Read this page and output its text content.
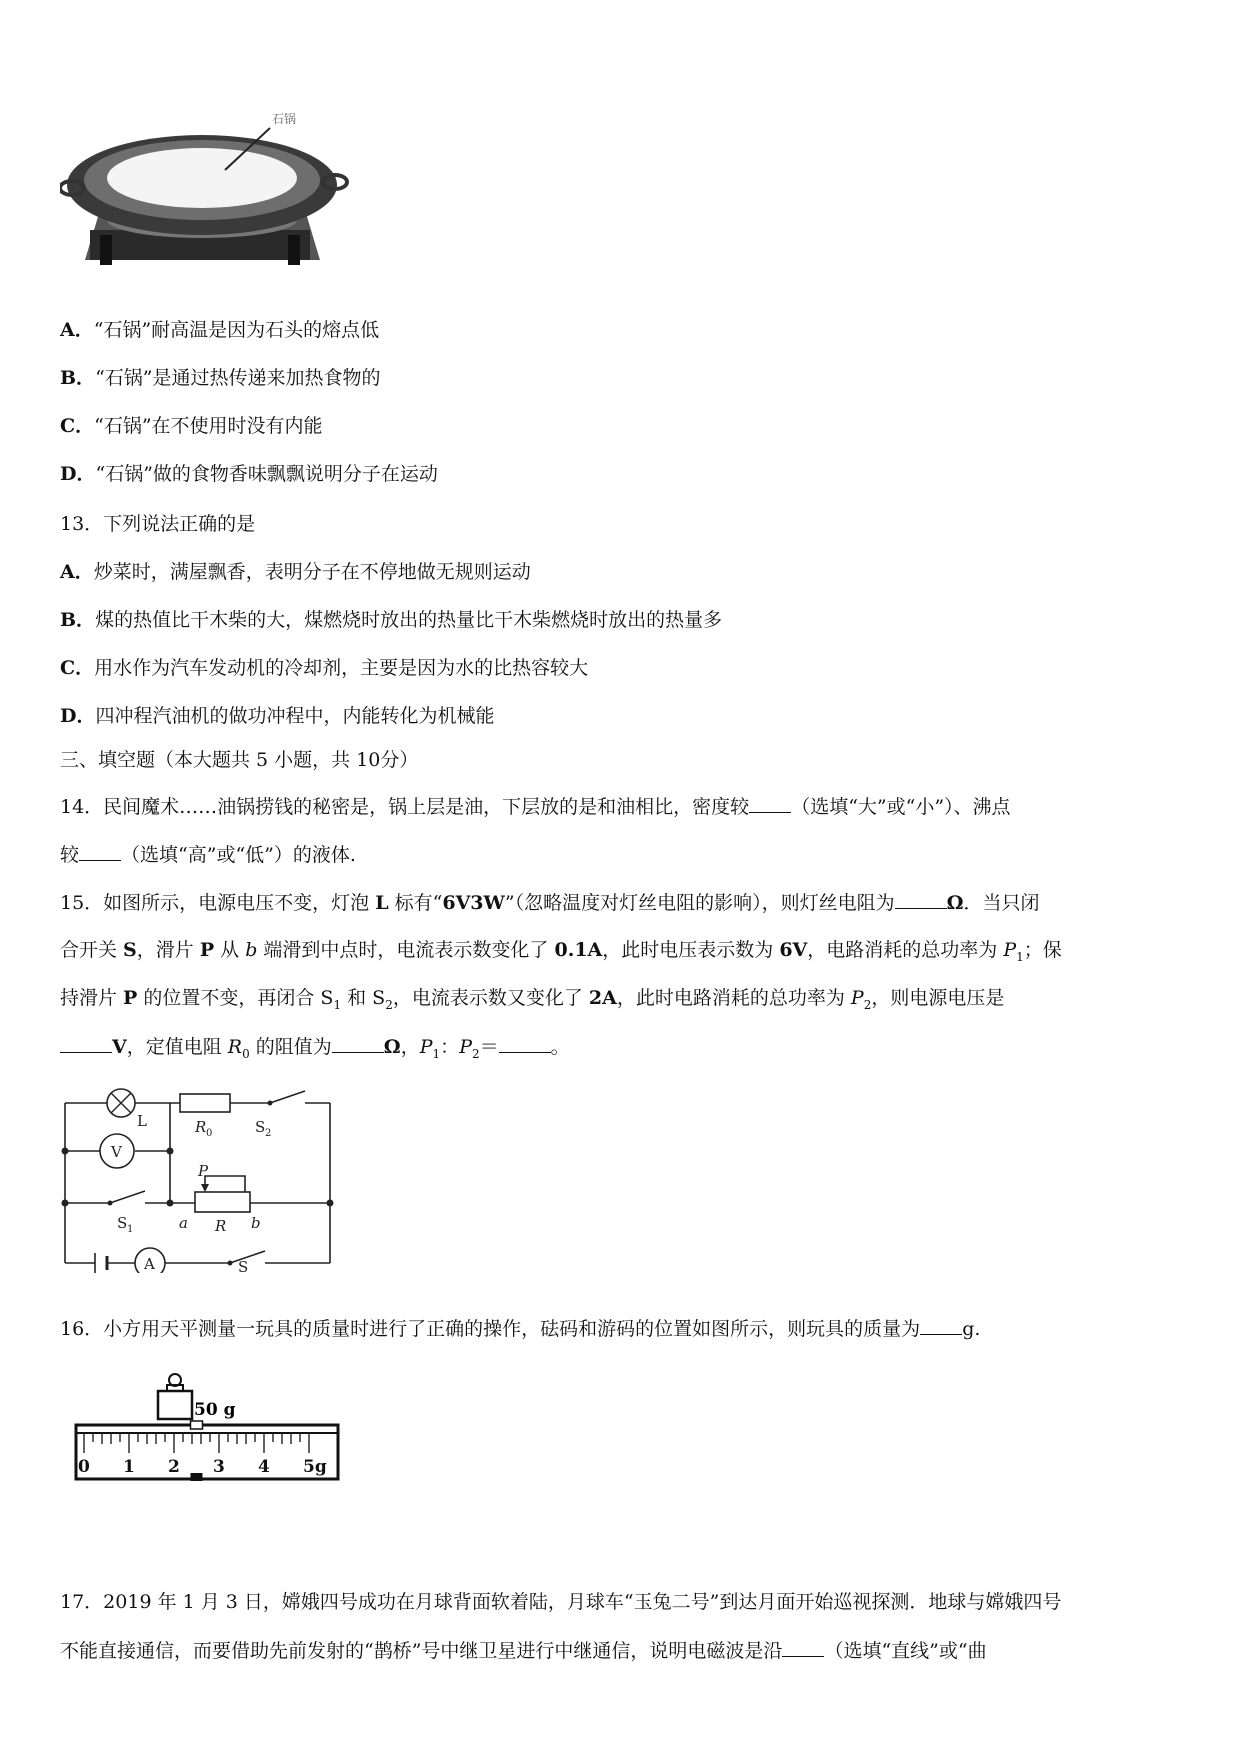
石锅
A．“石锅”耐高温是因为石头的熔点低
B．“石锅”是通过热传递来加热食物的
C．“石锅”在不使用时没有内能
D．“石锅”做的食物香味飘飘说明分子在运动
13．下列说法正确的是
A．炒菜时，满屋飘香，表明分子在不停地做无规则运动
B．煤的热值比干木柴的大，煤燃烧时放出的热量比干木柴燃烧时放出的热量多
C．用水作为汽车发动机的冷却剂，主要是因为水的比热容较大
D．四冲程汽油机的做功冲程中，内能转化为机械能
三、填空题（本大题共 5 小题，共 10分）
14．民间魔术……油锅捞钱的秘密是，锅上层是油，下层放的是和油相比，密度较 （选填“大”或“小”）、沸点
较 （选填“高”或“低”）的液体.
15．如图所示，电源电压不变，灯泡 L 标有“6V3W”（忽略温度对灯丝电阻的影响），则灯丝电阻为	Ω．当只闭
合开关 S，滑片 P 从 b 端滑到中点时，电流表示数变化了 0.1A，此时电压表示数为 6V，电路消耗的总功率为 $P_1$；保
持滑片 P 的位置不变，再闭合 $S_1$ 和 $S_2$，电流表示数又变化了 2A，此时电路消耗的总功率为 $P_2$，则电源电压是
V，定值电阻 $R_0$ 的阻值为	Ω，$P_1$：$P_2=$	。
L	R 0	S 2
V
P
S 1	a R b
A	S
16．小方用天平测量一玩具的质量时进行了正确的操作，砝码和游码的位置如图所示，则玩具的质量为 g.
50 g
0 1 2 3 4 5g
17．2019 年 1 月 3 日，嫦娥四号成功在月球背面软着陆，月球车“玉兔二号”到达月面开始巡视探测．地球与嫦娥四号
不能直接通信，而要借助先前发射的“鹊桥”号中继卫星进行中继通信，说明电磁波是沿 （选填“直线”或“曲
